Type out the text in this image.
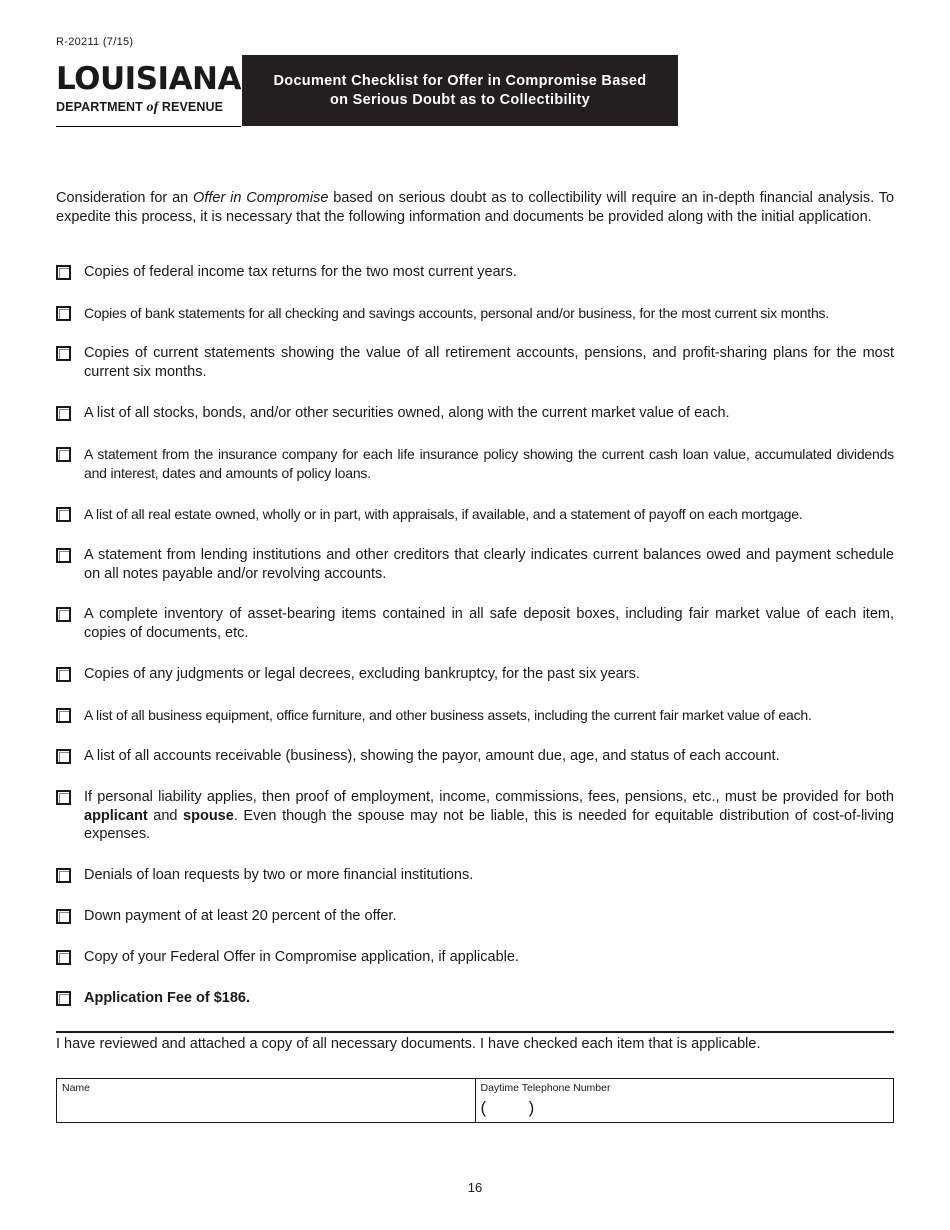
R-20211 (7/15)
LOUISIANA
DEPARTMENT of REVENUE
Document Checklist for Offer in Compromise Based
on Serious Doubt as to Collectibility
Consideration for an Offer in Compromise based on serious doubt as to collectibility will require an in-depth financial analysis. To expedite this process, it is necessary that the following information and documents be provided along with the initial application.
Copies of federal income tax returns for the two most current years.
Copies of bank statements for all checking and savings accounts, personal and/or business, for the most current six months.
Copies of current statements showing the value of all retirement accounts, pensions, and profit-sharing plans for the most current six months.
A list of all stocks, bonds, and/or other securities owned, along with the current market value of each.
A statement from the insurance company for each life insurance policy showing the current cash loan value, accumulated dividends and interest, dates and amounts of policy loans.
A list of all real estate owned, wholly or in part, with appraisals, if available, and a statement of payoff on each mortgage.
A statement from lending institutions and other creditors that clearly indicates current balances owed and payment schedule on all notes payable and/or revolving accounts.
A complete inventory of asset-bearing items contained in all safe deposit boxes, including fair market value of each item, copies of documents, etc.
Copies of any judgments or legal decrees, excluding bankruptcy, for the past six years.
A list of all business equipment, office furniture, and other business assets, including the current fair market value of each.
A list of all accounts receivable (business), showing the payor, amount due, age, and status of each account.
If personal liability applies, then proof of employment, income, commissions, fees, pensions, etc., must be provided for both applicant and spouse. Even though the spouse may not be liable, this is needed for equitable distribution of cost-of-living expenses.
Denials of loan requests by two or more financial institutions.
Down payment of at least 20 percent of the offer.
Copy of your Federal Offer in Compromise application, if applicable.
Application Fee of $186.
I have reviewed and attached a copy of all necessary documents. I have checked each item that is applicable.
Name	Daytime Telephone Number
(         )
16
